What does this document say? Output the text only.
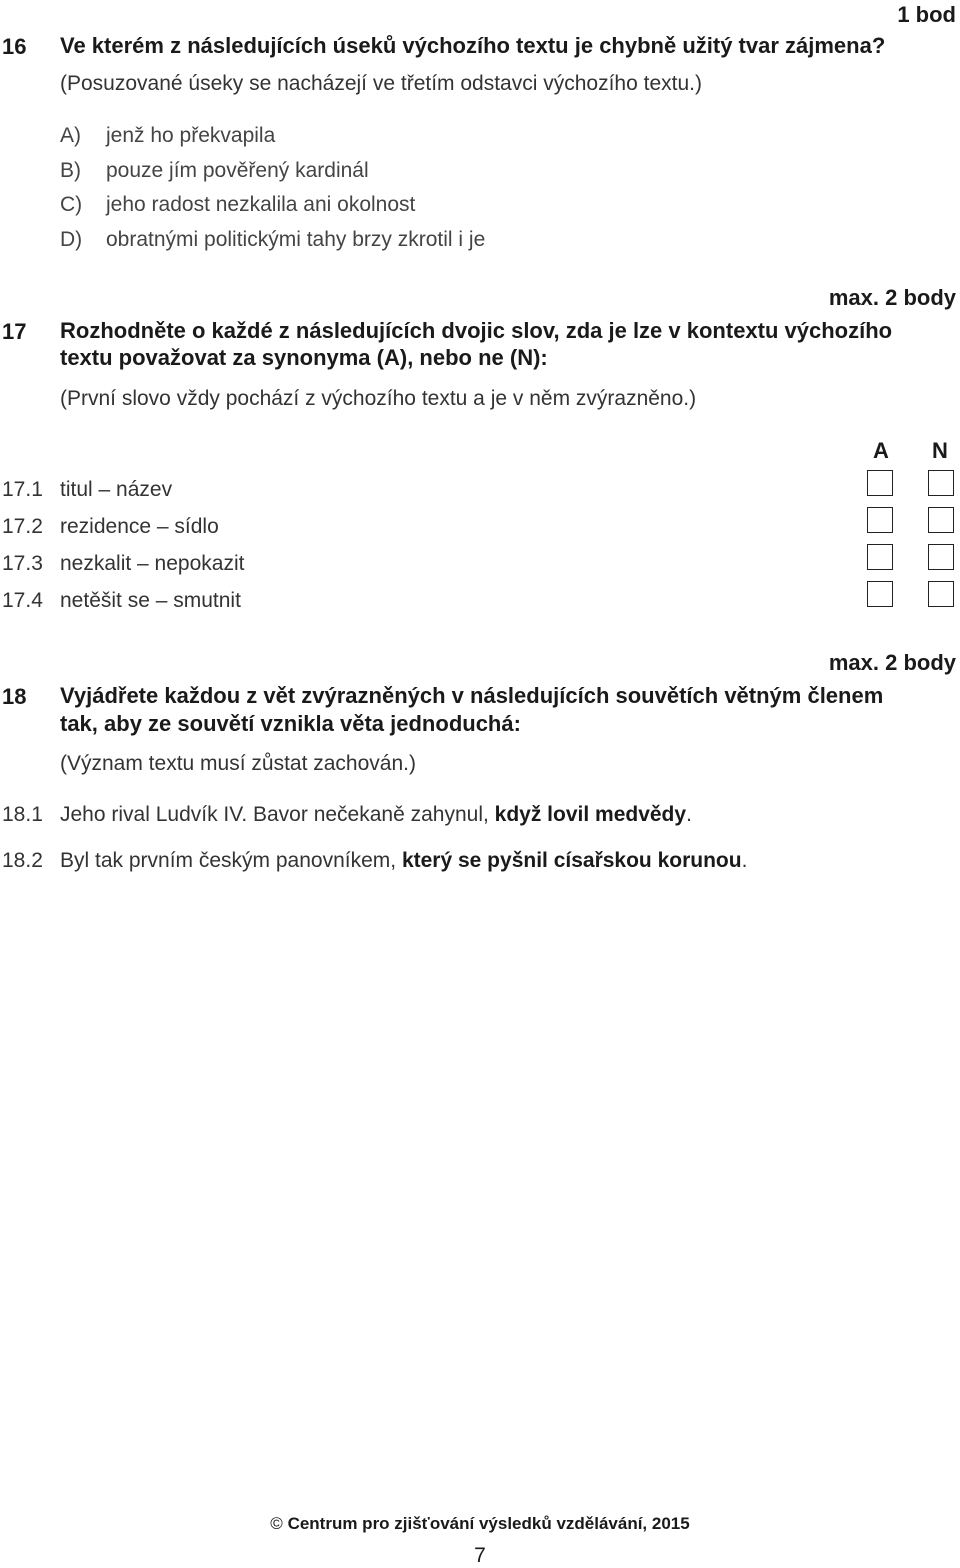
1 bod
16 Ve kterém z následujících úseků výchozího textu je chybně užitý tvar zájmena?
(Posuzované úseky se nacházejí ve třetím odstavci výchozího textu.)
A) jenž ho překvapila
B) pouze jím pověřený kardinál
C) jeho radost nezkalila ani okolnost
D) obratnými politickými tahy brzy zkrotil i je
max. 2 body
17 Rozhodněte o každé z následujících dvojic slov, zda je lze v kontextu výchozího
textu považovat za synonyma (A), nebo ne (N):
(První slovo vždy pochází z výchozího textu a je v něm zvýrazněno.)
A N
17.1 titul – název
17.2 rezidence – sídlo
17.3 nezkalit – nepokazit
17.4 netěšit se – smutnit
max. 2 body
18 Vyjádřete každou z vět zvýrazněných v následujících souvětích větným členem
tak, aby ze souvětí vznikla věta jednoduchá:
(Význam textu musí zůstat zachován.)
18.1 Jeho rival Ludvík IV. Bavor nečekaně zahynul, když lovil medvědy.
18.2 Byl tak prvním českým panovníkem, který se pyšnil císařskou korunou.
© Centrum pro zjišťování výsledků vzdělávání, 2015
7
